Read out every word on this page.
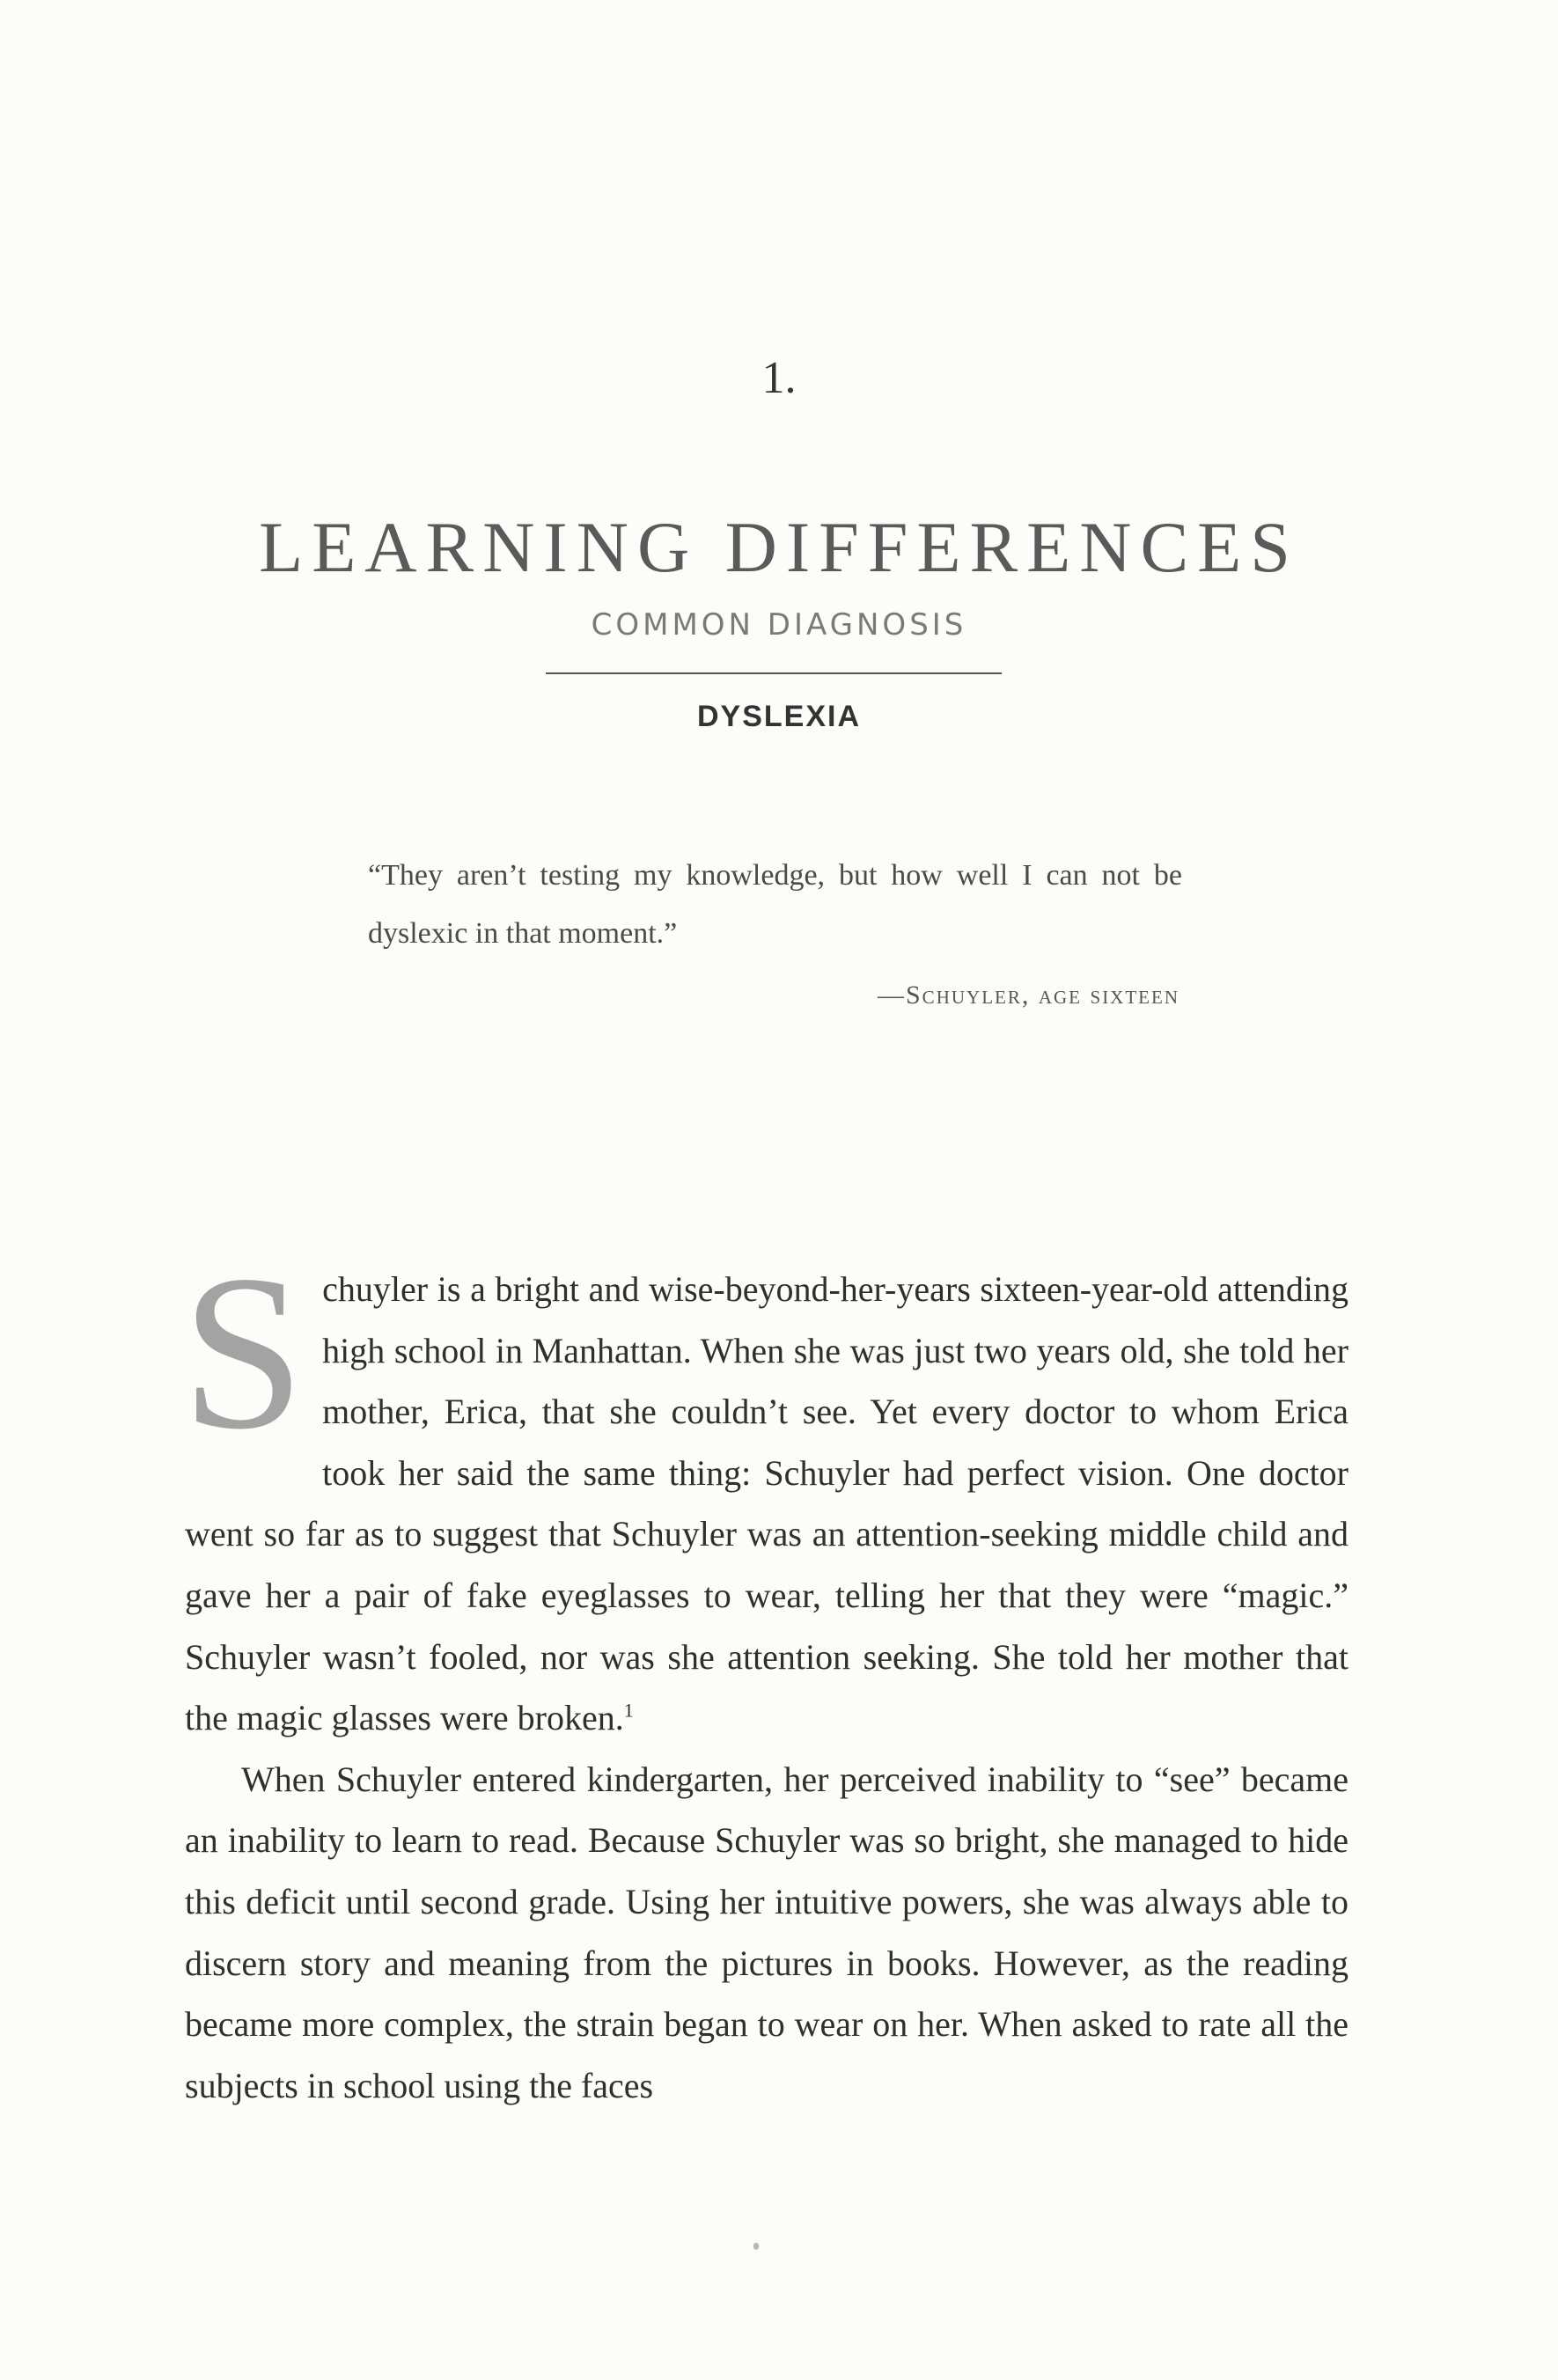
1.
LEARNING DIFFERENCES
COMMON DIAGNOSIS
DYSLEXIA
“They aren’t testing my knowledge, but how well I can not be dyslexic in that moment.”
—Schuyler, age sixteen

Schuyler is a bright and wise-beyond-her-years sixteen-year-old attending high school in Manhattan. When she was just two years old, she told her mother, Erica, that she couldn’t see. Yet every doctor to whom Erica took her said the same thing: Schuyler had perfect vision. One doctor went so far as to suggest that Schuyler was an attention-seeking middle child and gave her a pair of fake eyeglasses to wear, telling her that they were “magic.” Schuyler wasn’t fooled, nor was she attention seeking. She told her mother that the magic glasses were broken.$^1$

When Schuyler entered kindergarten, her perceived inability to “see” became an inability to learn to read. Because Schuyler was so bright, she managed to hide this deficit until second grade. Using her intuitive powers, she was always able to discern story and meaning from the pictures in books. However, as the reading became more complex, the strain began to wear on her. When asked to rate all the subjects in school using the faces
